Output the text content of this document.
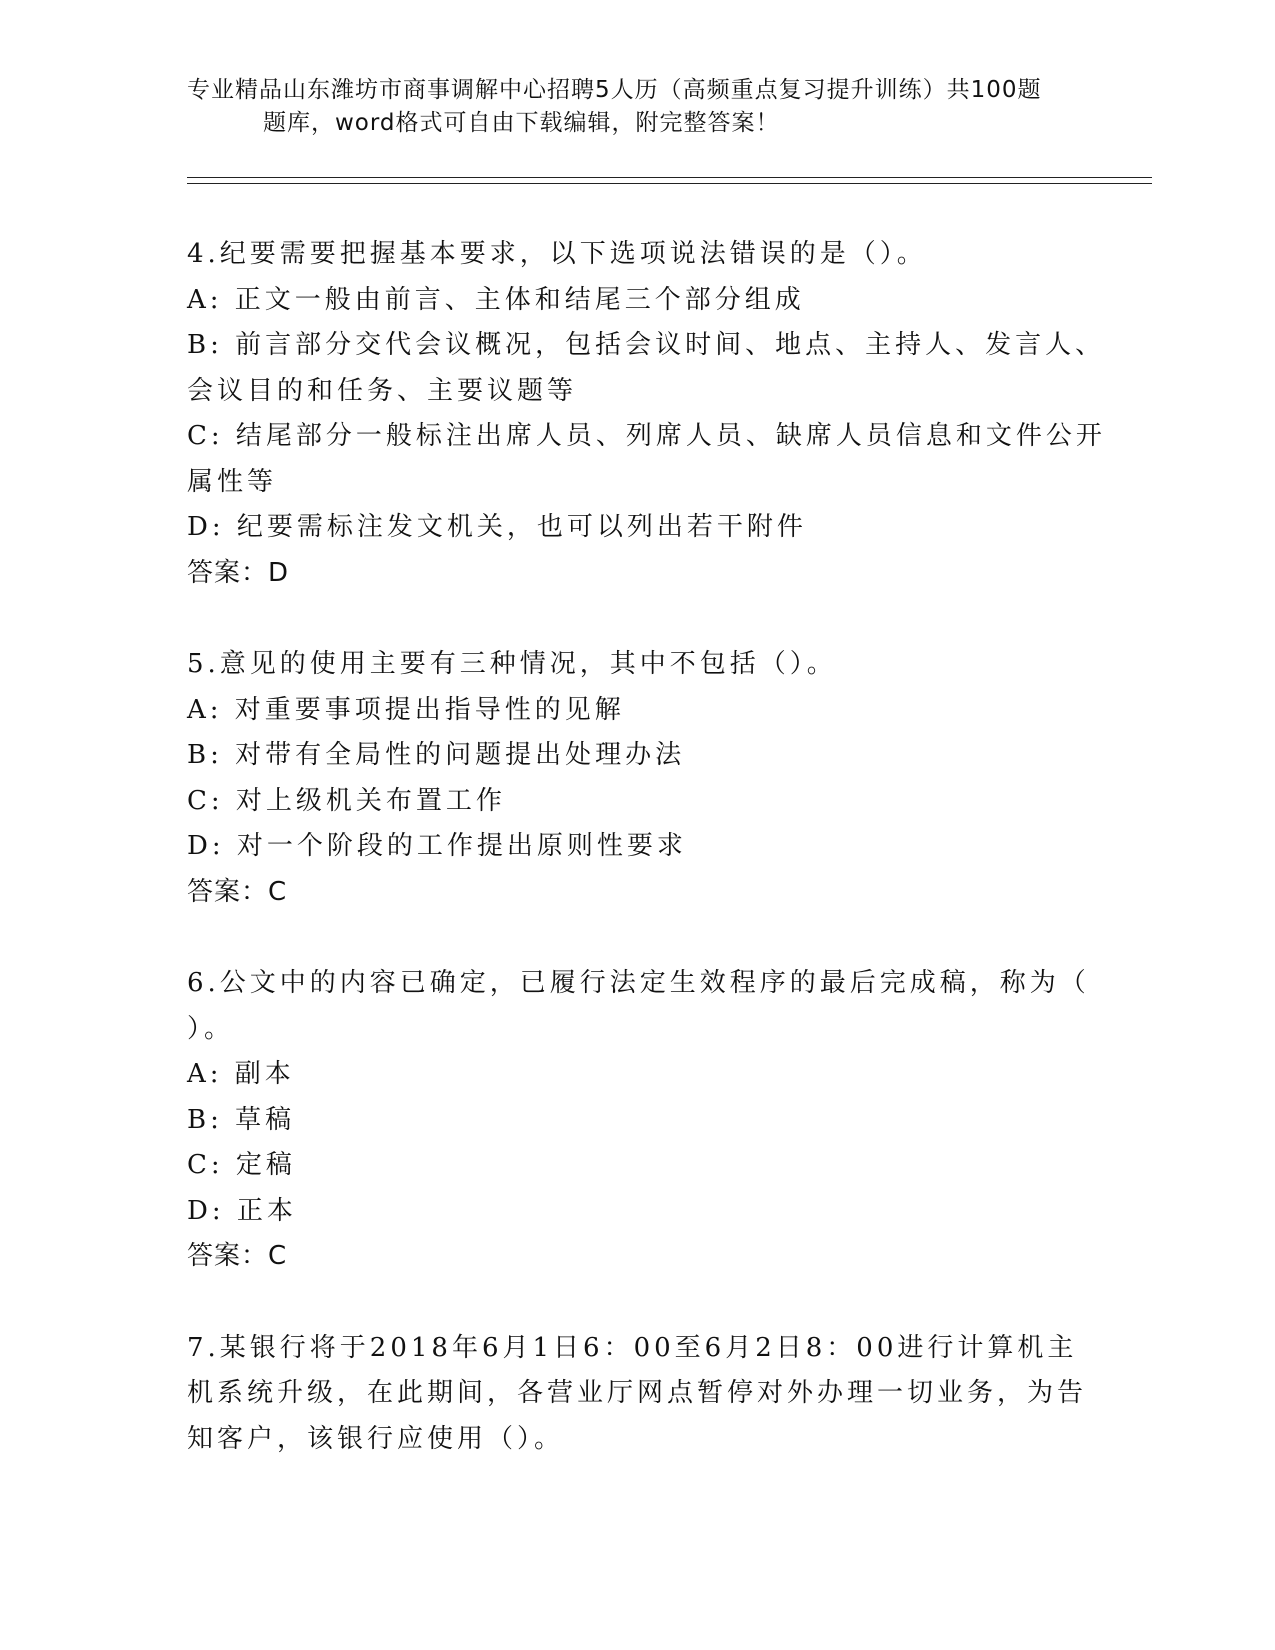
专业精品山东潍坊市商事调解中心招聘5人历（高频重点复习提升训练）共100题
题库，word格式可自由下载编辑，附完整答案！
4.纪要需要把握基本要求，以下选项说法错误的是（）。
A: 正文一般由前言、主体和结尾三个部分组成
B: 前言部分交代会议概况，包括会议时间、地点、主持人、发言人、
会议目的和任务、主要议题等
C: 结尾部分一般标注出席人员、列席人员、缺席人员信息和文件公开
属性等
D: 纪要需标注发文机关，也可以列出若干附件
答案：D
5.意见的使用主要有三种情况，其中不包括（）。
A: 对重要事项提出指导性的见解
B: 对带有全局性的问题提出处理办法
C: 对上级机关布置工作
D: 对一个阶段的工作提出原则性要求
答案：C
6.公文中的内容已确定，已履行法定生效程序的最后完成稿，称为（
）。
A: 副本
B: 草稿
C: 定稿
D: 正本
答案：C
7.某银行将于2018年6月1日6：00至6月2日8：00进行计算机主
机系统升级，在此期间，各营业厅网点暂停对外办理一切业务，为告
知客户，该银行应使用（）。
